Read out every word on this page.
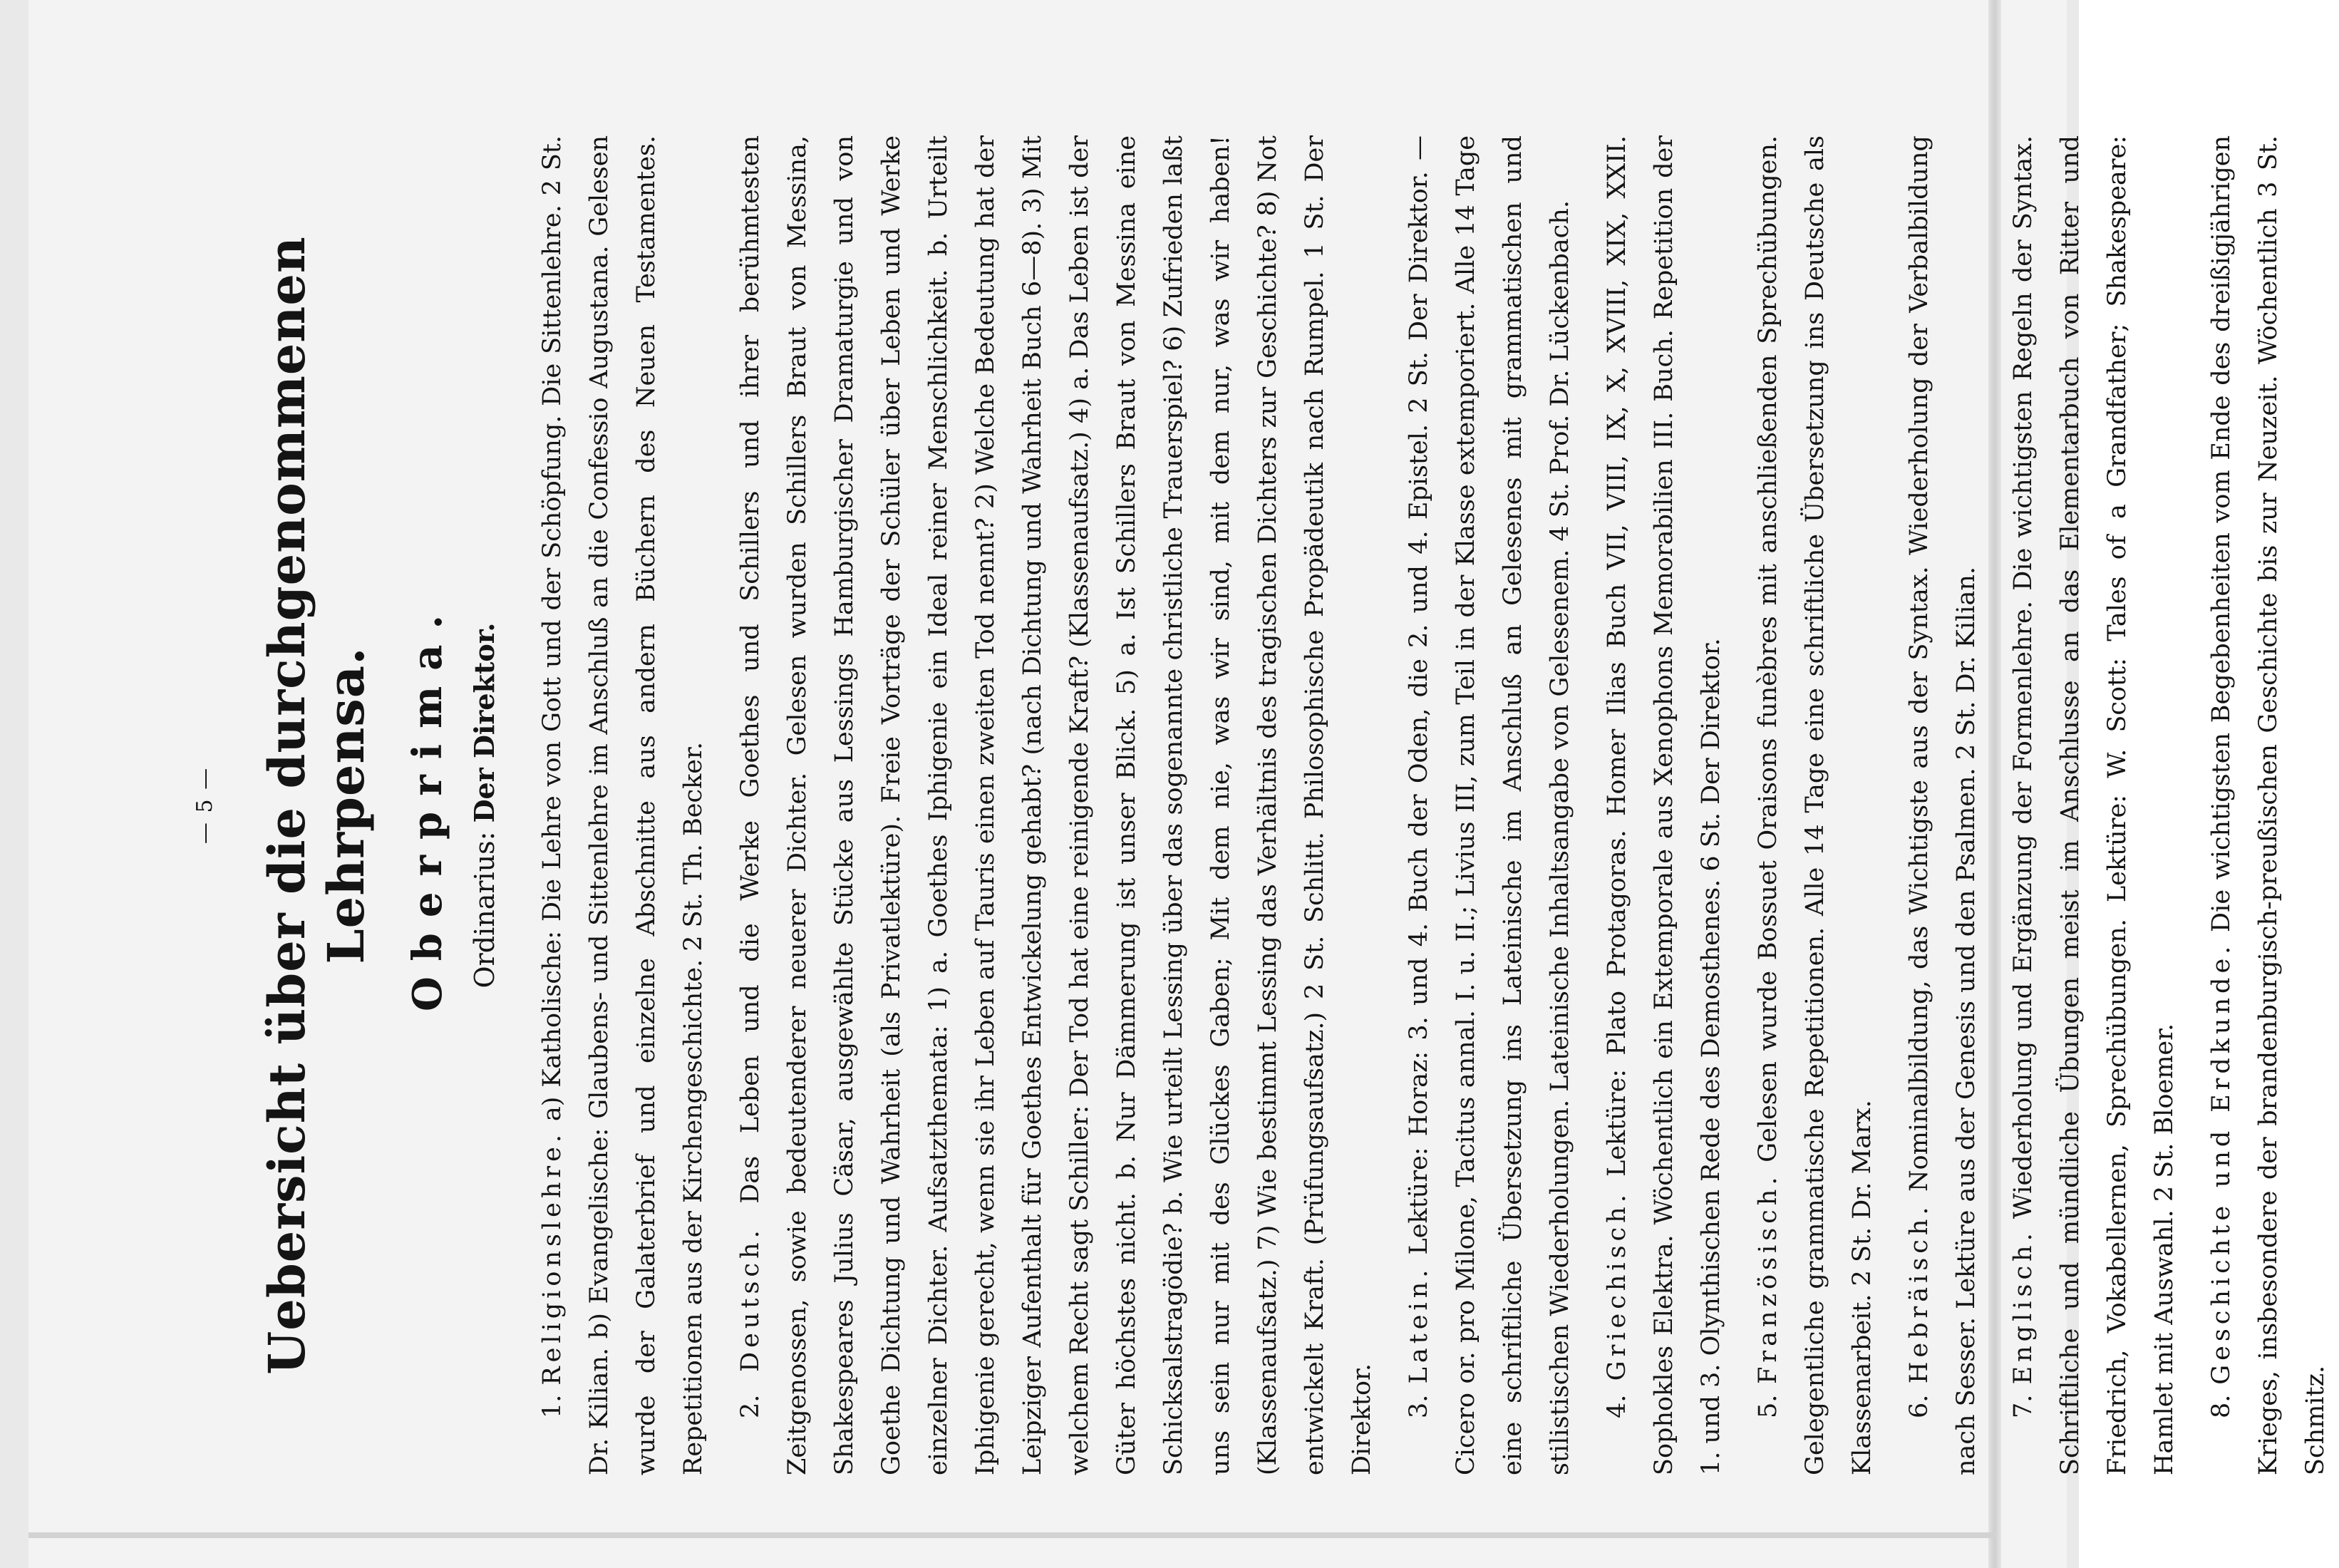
— 5 — Uebersicht über die durchgenommenen Lehrpensa. Oberprima. Ordinarius: Der Direktor.

1. Religionslehre. a) Katholische: Die Lehre von Gott und der Schöpfung. Die Sittenlehre. 2 St. Dr. Kilian. b) Evangelische: Glaubens- und Sittenlehre im Anschluß an die Confessio Augustana. Gelesen wurde der Galaterbrief und einzelne Abschnitte aus andern Büchern des Neuen Testamentes. Repetitionen aus der Kirchengeschichte. 2 St. Th. Becker.	2. Deutsch. Das Leben und die Werke Goethes und Schillers und ihrer berühmtesten Zeitgenossen, sowie bedeutenderer neuerer Dichter. Gelesen wurden Schillers Braut von Messina, Shakespeares Julius Cäsar, ausgewählte Stücke aus Lessings Hamburgischer Dramaturgie und von Goethe Dichtung und Wahrheit (als Privatlektüre). Freie Vorträge der Schüler über Leben und Werke einzelner Dichter. Aufsatzthemata: 1) a. Goethes Iphigenie ein Ideal reiner Menschlichkeit. b. Urteilt Iphigenie gerecht, wenn sie ihr Leben auf Tauris einen zweiten Tod nennt? 2) Welche Bedeutung hat der Leipziger Aufenthalt für Goethes Entwickelung gehabt? (nach Dichtung und Wahrheit Buch 6—8). 3) Mit welchem Recht sagt Schiller: Der Tod hat eine reinigende Kraft? (Klassenaufsatz.) 4) a. Das Leben ist der Güter höchstes nicht. b. Nur Dämmerung ist unser Blick. 5) a. Ist Schillers Braut von Messina eine Schicksalstragödie? b. Wie urteilt Lessing über das sogenannte christliche Trauerspiel? 6) Zufrieden laßt uns sein nur mit des Glückes Gaben; Mit dem nie, was wir sind, mit dem nur, was wir haben! (Klassenaufsatz.) 7) Wie bestimmt Lessing das Verhältnis des tragischen Dichters zur Geschichte? 8) Not entwickelt Kraft. (Prüfungsaufsatz.) 2 St. Schlitt. Philosophische Propädeutik nach Rumpel. 1 St. Der Direktor.	3. Latein. Lektüre: Horaz: 3. und 4. Buch der Oden, die 2. und 4. Epistel. 2 St. Der Direktor. — Cicero or. pro Milone, Tacitus annal. I. u. II.; Livius III, zum Teil in der Klasse extemporiert. Alle 14 Tage eine schriftliche Übersetzung ins Lateinische im Anschluß an Gelesenes mit grammatischen und stilistischen Wiederholungen. Lateinische Inhaltsangabe von Gelesenem. 4 St. Prof. Dr. Lückenbach.	4. Griechisch. Lektüre: Plato Protagoras. Homer Ilias Buch VII, VIII, IX, X, XVIII, XIX, XXII. Sophokles Elektra. Wöchentlich ein Extemporale aus Xenophons Memorabilien III. Buch. Repetition der 1. und 3. Olynthischen Rede des Demosthenes. 6 St. Der Direktor.	5. Französisch. Gelesen wurde Bossuet Oraisons funèbres mit anschließenden Sprechübungen. Gelegentliche grammatische Repetitionen. Alle 14 Tage eine schriftliche Übersetzung ins Deutsche als Klassenarbeit. 2 St. Dr. Marx.	6. Hebräisch. Nominalbildung, das Wichtigste aus der Syntax. Wiederholung der Verbalbildung nach Sesser. Lektüre aus der Genesis und den Psalmen. 2 St. Dr. Kilian.	7. Englisch. Wiederholung und Ergänzung der Formenlehre. Die wichtigsten Regeln der Syntax. Schriftliche und mündliche Übungen meist im Anschlusse an das Elementarbuch von Ritter und Friedrich, Vokabellernen, Sprechübungen. Lektüre: W. Scott: Tales of a Grandfather; Shakespeare: Hamlet mit Auswahl. 2 St. Bloemer.	8. Geschichte und Erdkunde. Die wichtigsten Begebenheiten vom Ende des dreißigjährigen Krieges, insbesondere der brandenburgisch-preußischen Geschichte bis zur Neuzeit. Wöchentlich 3 St. Schmitz.
